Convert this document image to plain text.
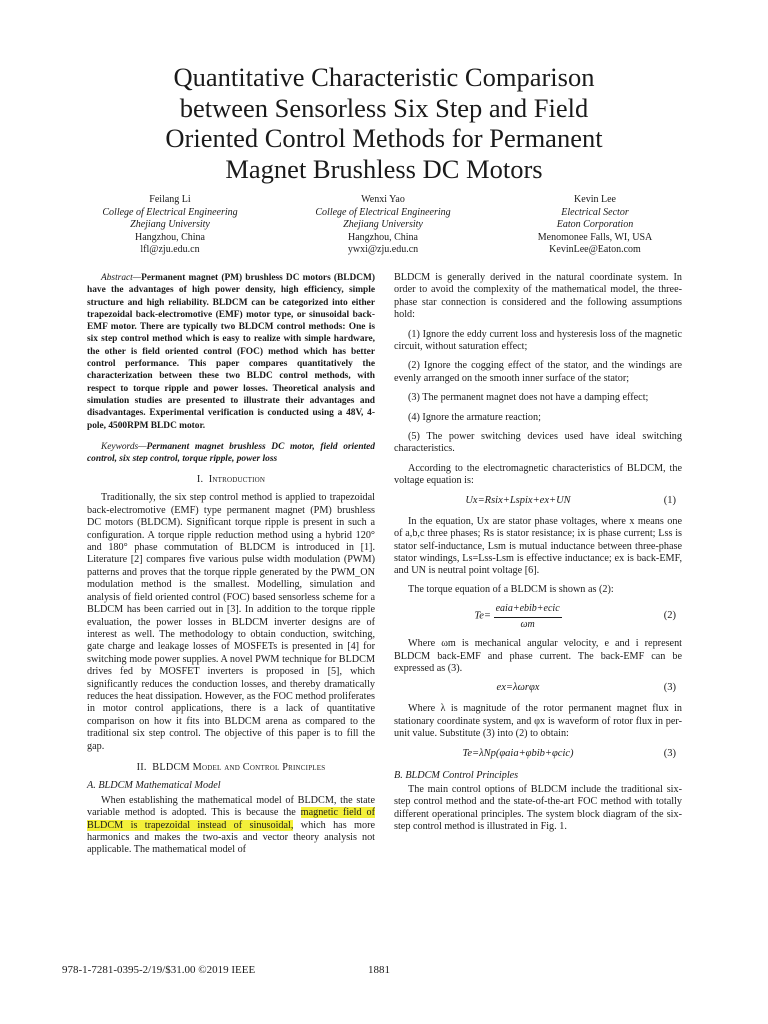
Quantitative Characteristic Comparison
between Sensorless Six Step and Field
Oriented Control Methods for Permanent
Magnet Brushless DC Motors
Feilang Li
College of Electrical Engineering
Zhejiang University
Hangzhou, China
lfl@zju.edu.cn
Wenxi Yao
College of Electrical Engineering
Zhejiang University
Hangzhou, China
ywxi@zju.edu.cn
Kevin Lee
Electrical Sector
Eaton Corporation
Menomonee Falls, WI, USA
KevinLee@Eaton.com

Abstract—Permanent magnet (PM) brushless DC motors (BLDCM) have the advantages of high power density, high efficiency, simple structure and high reliability. BLDCM can be categorized into either trapezoidal back-electromotive (EMF) motor type, or sinusoidal back-EMF motor. There are typically two BLDCM control methods: One is six step control method which is easy to realize with simple hardware, the other is field oriented control (FOC) method which has better control performance. This paper compares quantitatively the characterization between these two BLDC control methods, with respect to torque ripple and power losses. Theoretical analysis and simulation studies are presented to illustrate their advantages and disadvantages. Experimental verification is conducted using a 48V, 4-pole, 4500RPM BLDC motor.

Keywords—Permanent magnet brushless DC motor, field oriented control, six step control, torque ripple, power loss

I. Introduction

Traditionally, the six step control method is applied to trapezoidal back-electromotive (EMF) type permanent magnet (PM) brushless DC motors (BLDCM). Significant torque ripple is present in such a configuration. A torque ripple reduction method using a hybrid 120° and 180° phase commutation of BLDCM is introduced in [1]. Literature [2] compares five various pulse width modulation (PWM) patterns and proves that the torque ripple generated by the PWM_ON modulation method is the smallest. Modelling, simulation and analysis of field oriented control (FOC) based sensorless scheme for a BLDCM has been carried out in [3]. In addition to the torque ripple evaluation, the power losses in BLDCM inverter designs are of interest as well. The methodology to obtain conduction, switching, gate charge and leakage losses of MOSFETs is presented in [4] for switching mode power supplies. A novel PWM technique for BLDCM drives fed by MOSFET inverters is proposed in [5], which significantly reduces the conduction losses, and thereby dramatically reduces the heat dissipation. However, as the FOC method proliferates in motor control applications, there is a lack of quantitative comparison on how it fits into BLDCM arena as compared to the traditional six step control. The objective of this paper is to fill the gap.

II. BLDCM Model and Control Principles
A. BLDCM Mathematical Model

When establishing the mathematical model of BLDCM, the state variable method is adopted. This is because the magnetic field of BLDCM is trapezoidal instead of sinusoidal, which has more harmonics and makes the two-axis and vector theory analysis not applicable. The mathematical model of

BLDCM is generally derived in the natural coordinate system. In order to avoid the complexity of the mathematical model, the three-phase star connection is considered and the following assumptions hold:

(1) Ignore the eddy current loss and hysteresis loss of the magnetic circuit, without saturation effect;

(2) Ignore the cogging effect of the stator, and the windings are evenly arranged on the smooth inner surface of the stator;

(3) The permanent magnet does not have a damping effect;

(4) Ignore the armature reaction;

(5) The power switching devices used have ideal switching characteristics.

According to the electromagnetic characteristics of BLDCM, the voltage equation is:

Ux=Rsix+Lspix+ex+UN	(1)

In the equation, Ux are stator phase voltages, where x means one of a,b,c three phases; Rs is stator resistance; ix is phase current; Lss is stator self-inductance, Lsm is mutual inductance between three-phase stator windings, Ls=Lss-Lsm is effective inductance; ex is back-EMF, and UN is neutral point voltage [6].

The torque equation of a BLDCM is shown as (2):

$Te= \frac{\text{eaia+ebib+ecic}}{\omega m}$	(2)

Where ωm is mechanical angular velocity, e and i represent BLDCM back-EMF and phase current. The back-EMF can be expressed as (3).

ex=λωrφx	(3)

Where λ is magnitude of the rotor permanent magnet flux in stationary coordinate system, and φx is waveform of rotor flux in per-unit value. Substitute (3) into (2) to obtain:

Te=λNp(φaia+φbib+φcic)	(3)
B. BLDCM Control Principles

The main control options of BLDCM include the traditional six-step control method and the state-of-the-art FOC method with totally different operational principles. The system block diagram of the six-step control method is illustrated in Fig. 1.

978-1-7281-0395-2/19/$31.00 ©2019 IEEE	1881
